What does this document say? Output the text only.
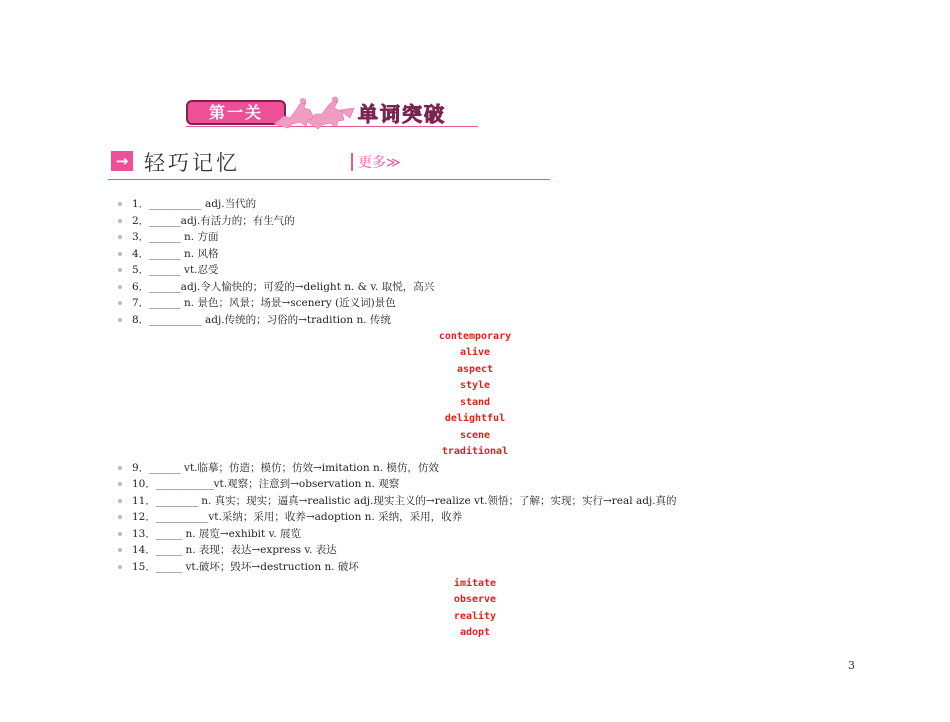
第一关	单词突破
→ 轻巧记忆	更多≫
1．__________ adj.当代的
2．______adj.有活力的；有生气的
3．______ n. 方面
4．______ n. 风格
5．______ vt.忍受
6．______adj.令人愉快的；可爱的→delight n. & v. 取悦，高兴
7．______ n. 景色；风景；场景→scenery (近义词)景色
8．__________ adj.传统的；习俗的→tradition n. 传统
contemporary
alive
aspect
style
stand
delightful
scene
traditional
9．______ vt.临摹；仿造；模仿；仿效→imitation n. 模仿，仿效
10．___________vt.观察；注意到→observation n. 观察
11．________ n. 真实；现实；逼真→realistic adj.现实主义的→realize vt.领悟；了解；实现；实行→real adj.真的
12．__________vt.采纳；采用；收养→adoption n. 采纳，采用，收养
13．_____ n. 展览→exhibit v. 展览
14．_____ n. 表现；表达→express v. 表达
15．_____ vt.破坏；毁坏→destruction n. 破坏
imitate
observe
reality
adopt
3
